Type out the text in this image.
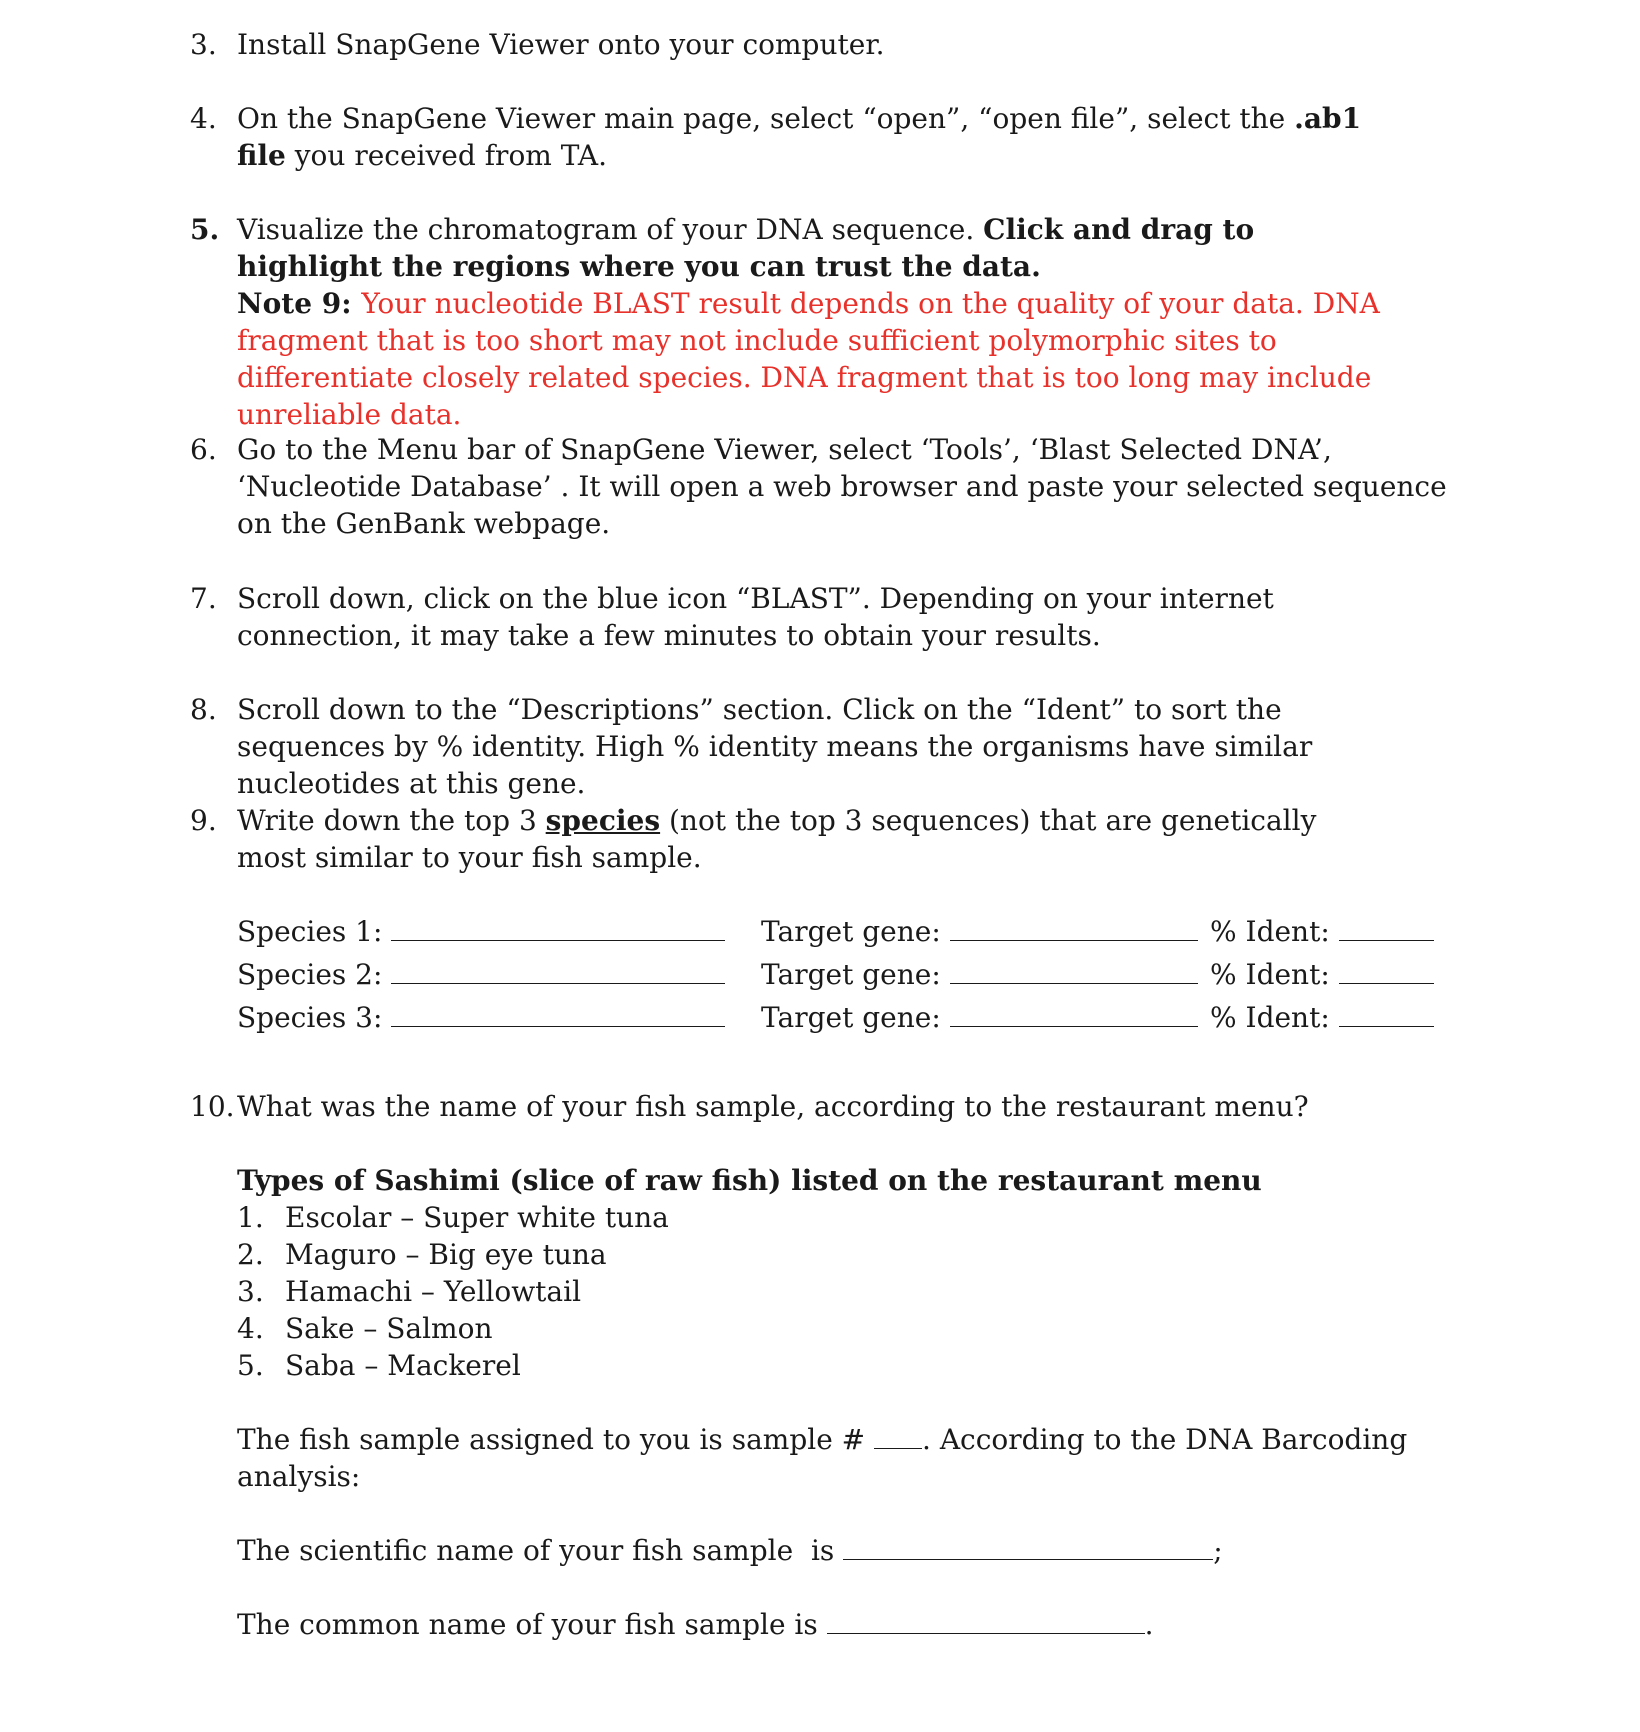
3. Install SnapGene Viewer onto your computer.
4. On the SnapGene Viewer main page, select “open”, “open file”, select the .ab1 file you received from TA.
5. Visualize the chromatogram of your DNA sequence. Click and drag to highlight the regions where you can trust the data.
Note 9: Your nucleotide BLAST result depends on the quality of your data. DNA fragment that is too short may not include sufficient polymorphic sites to differentiate closely related species. DNA fragment that is too long may include unreliable data.
6. Go to the Menu bar of SnapGene Viewer, select ‘Tools’, ‘Blast Selected DNA’, ‘Nucleotide Database’ . It will open a web browser and paste your selected sequence on the GenBank webpage.
7. Scroll down, click on the blue icon “BLAST”. Depending on your internet connection, it may take a few minutes to obtain your results.
8. Scroll down to the “Descriptions” section. Click on the “Ident” to sort the sequences by % identity. High % identity means the organisms have similar nucleotides at this gene.
9. Write down the top 3 species (not the top 3 sequences) that are genetically most similar to your fish sample.
Species 1:	Target gene:	% Ident:
Species 2:	Target gene:	% Ident:
Species 3:	Target gene:	% Ident:
10. What was the name of your fish sample, according to the restaurant menu?
Types of Sashimi (slice of raw fish) listed on the restaurant menu
1. Escolar – Super white tuna
2. Maguro – Big eye tuna
3. Hamachi – Yellowtail
4. Sake – Salmon
5. Saba – Mackerel
The fish sample assigned to you is sample # . According to the DNA Barcoding analysis:
The scientific name of your fish sample  is	;
The common name of your fish sample is	.
